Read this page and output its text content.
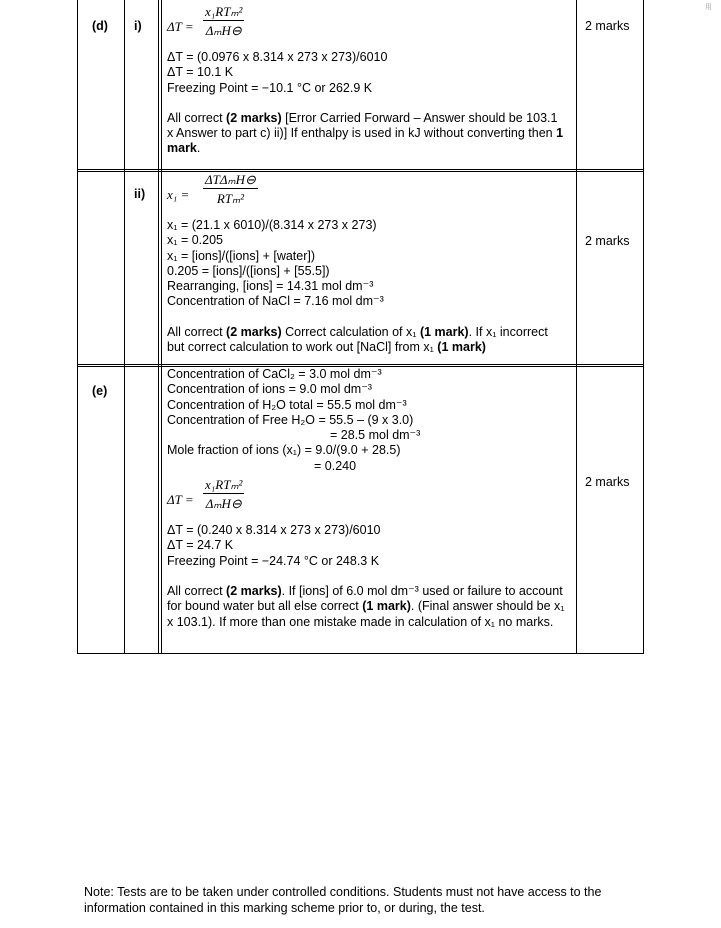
用
(d) i)	2 marks
ΔT =
x₁RTₘ²
ΔₘH⊖
ΔT = (0.0976 x 8.314 x 273 x 273)/6010
ΔT = 10.1 K
Freezing Point = −10.1 °C or 262.9 K
All correct (2 marks) [Error Carried Forward – Answer should be 103.1 x Answer to part c) ii)] If enthalpy is used in kJ without converting then 1 mark.
ii)
2 marks
x₁ =
ΔTΔₘH⊖
RTₘ²
x₁ = (21.1 x 6010)/(8.314 x 273 x 273)
x₁ = 0.205
x₁ = [ions]/([ions] + [water])
0.205 = [ions]/([ions] + [55.5])
Rearranging, [ions] = 14.31 mol dm⁻³
Concentration of NaCl = 7.16 mol dm⁻³
All correct (2 marks) Correct calculation of x₁ (1 mark). If x₁ incorrect but correct calculation to work out [NaCl] from x₁ (1 mark)
(e)
2 marks
Concentration of CaCl₂ = 3.0 mol dm⁻³
Concentration of ions = 9.0 mol dm⁻³
Concentration of H₂O total = 55.5 mol dm⁻³
Concentration of Free H₂O = 55.5 – (9 x 3.0)
= 28.5 mol dm⁻³
Mole fraction of ions (x₁) = 9.0/(9.0 + 28.5)
= 0.240
ΔT =
x₁RTₘ²
ΔₘH⊖
ΔT = (0.240 x 8.314 x 273 x 273)/6010
ΔT = 24.7 K
Freezing Point = −24.74 °C or 248.3 K
All correct (2 marks). If [ions] of 6.0 mol dm⁻³ used or failure to account for bound water but all else correct (1 mark). (Final answer should be x₁ x 103.1). If more than one mistake made in calculation of x₁ no marks.
Note: Tests are to be taken under controlled conditions. Students must not have access to the information contained in this marking scheme prior to, or during, the test.
